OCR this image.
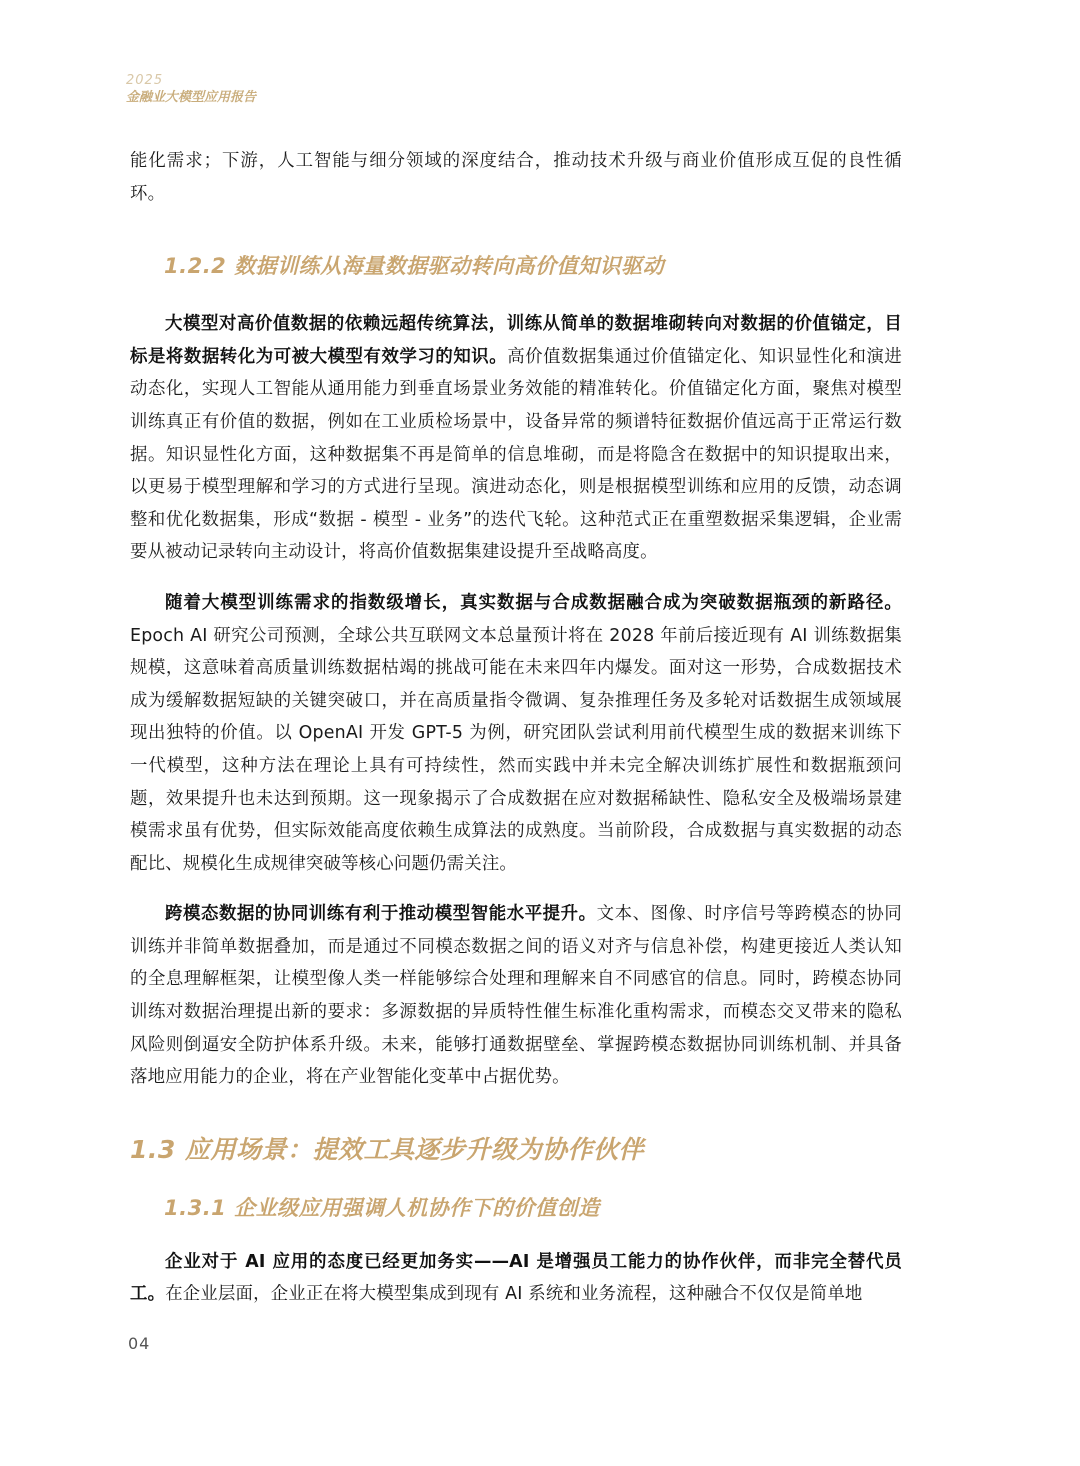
2025
金融业大模型应用报告

能化需求；下游，人工智能与细分领域的深度结合，推动技术升级与商业价值形成互促的良性循环。

1.2.2 数据训练从海量数据驱动转向高价值知识驱动

大模型对高价值数据的依赖远超传统算法，训练从简单的数据堆砌转向对数据的价值锚定，目标是将数据转化为可被大模型有效学习的知识。高价值数据集通过价值锚定化、知识显性化和演进动态化，实现人工智能从通用能力到垂直场景业务效能的精准转化。价值锚定化方面，聚焦对模型训练真正有价值的数据，例如在工业质检场景中，设备异常的频谱特征数据价值远高于正常运行数据。知识显性化方面，这种数据集不再是简单的信息堆砌，而是将隐含在数据中的知识提取出来，以更易于模型理解和学习的方式进行呈现。演进动态化，则是根据模型训练和应用的反馈，动态调整和优化数据集，形成“数据 - 模型 - 业务”的迭代飞轮。这种范式正在重塑数据采集逻辑，企业需要从被动记录转向主动设计，将高价值数据集建设提升至战略高度。

随着大模型训练需求的指数级增长，真实数据与合成数据融合成为突破数据瓶颈的新路径。Epoch AI 研究公司预测，全球公共互联网文本总量预计将在 2028 年前后接近现有 AI 训练数据集规模，这意味着高质量训练数据枯竭的挑战可能在未来四年内爆发。面对这一形势，合成数据技术成为缓解数据短缺的关键突破口，并在高质量指令微调、复杂推理任务及多轮对话数据生成领域展现出独特的价值。以 OpenAI 开发 GPT-5 为例，研究团队尝试利用前代模型生成的数据来训练下一代模型，这种方法在理论上具有可持续性，然而实践中并未完全解决训练扩展性和数据瓶颈问题，效果提升也未达到预期。这一现象揭示了合成数据在应对数据稀缺性、隐私安全及极端场景建模需求虽有优势，但实际效能高度依赖生成算法的成熟度。当前阶段，合成数据与真实数据的动态配比、规模化生成规律突破等核心问题仍需关注。

跨模态数据的协同训练有利于推动模型智能水平提升。文本、图像、时序信号等跨模态的协同训练并非简单数据叠加，而是通过不同模态数据之间的语义对齐与信息补偿，构建更接近人类认知的全息理解框架，让模型像人类一样能够综合处理和理解来自不同感官的信息。同时，跨模态协同训练对数据治理提出新的要求：多源数据的异质特性催生标准化重构需求，而模态交叉带来的隐私风险则倒逼安全防护体系升级。未来，能够打通数据壁垒、掌握跨模态数据协同训练机制、并具备落地应用能力的企业，将在产业智能化变革中占据优势。

1.3 应用场景：提效工具逐步升级为协作伙伴
1.3.1 企业级应用强调人机协作下的价值创造

企业对于 AI 应用的态度已经更加务实——AI 是增强员工能力的协作伙伴，而非完全替代员工。在企业层面，企业正在将大模型集成到现有 AI 系统和业务流程，这种融合不仅仅是简单地

04
